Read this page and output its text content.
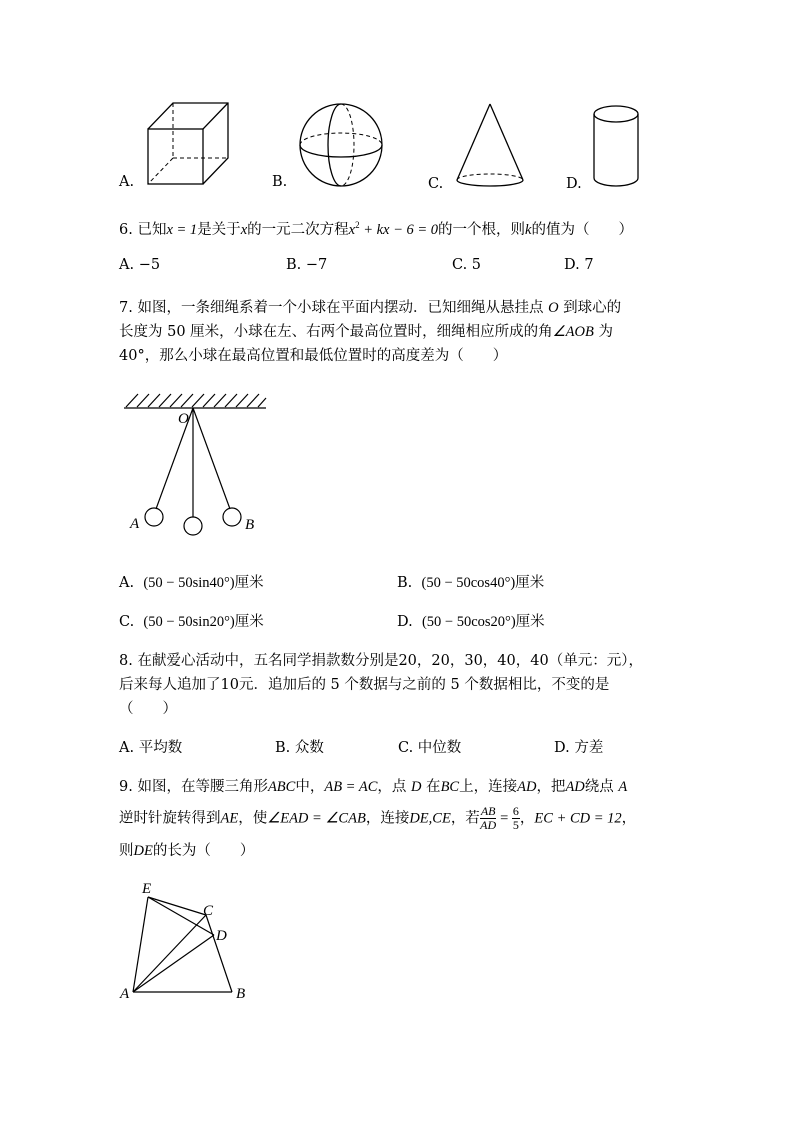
A.	B.	C.	D.
6. 已知x = 1是关于x的一元二次方程$x^2$ + kx − 6 = 0的一个根，则k的值为（　　）
A. −5	B. −7	C. 5	D. 7
7. 如图，一条细绳系着一个小球在平面内摆动．已知细绳从悬挂点 O 到球心的
长度为 50 厘米，小球在左、右两个最高位置时，细绳相应所成的角∠AOB 为
40°，那么小球在最高位置和最低位置时的高度差为（　　）
O
A	B
A. (50 − 50sin40°)厘米	B. (50 − 50cos40°)厘米
C. (50 − 50sin20°)厘米	D. (50 − 50cos20°)厘米
8. 在献爱心活动中，五名同学捐款数分别是20，20，30，40，40（单元：元），
后来每人追加了10元．追加后的 5 个数据与之前的 5 个数据相比，不变的是
（　　）
A. 平均数	B. 众数	C. 中位数	D. 方差
9. 如图，在等腰三角形ABC中，AB = AC，点 D 在BC上，连接AD，把AD绕点 A
逆时针旋转得到AE，使∠EAD = ∠CAB，连接DE,CE，若 $\frac{AB}{AD} = \frac{6}{5}$ ，EC + CD = 12，
则DE的长为（　　）
E
C
D
A	B
